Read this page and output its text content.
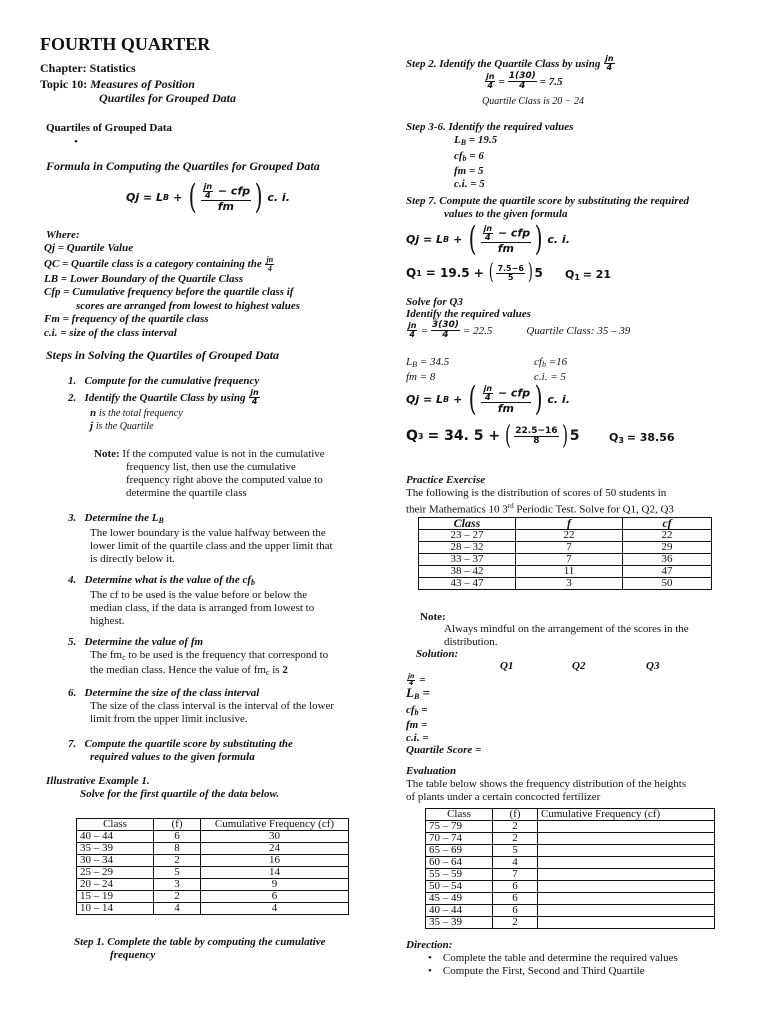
FOURTH QUARTER
Chapter: Statistics
Topic 10: Measures of Position
Quartiles for Grouped Data
Quartiles of Grouped Data
•
Formula in Computing the Quartiles for Grouped Data
Qj = L B + ( $\frac{\frac{jn}{4} - cfp}{fm}$ ) c. i.
Where:

Qj = Quartile Value

QC = Quartile class is a category containing the $\frac{jn}{4}$

LB = Lower Boundary of the Quartile Class

Cfp = Cumulative frequency before the quartile class if

scores are arranged from lowest to highest values

Fm = frequency of the quartile class

c.i. = size of the class interval

Steps in Solving the Quartiles of Grouped Data
1. Compute for the cumulative frequency
2.
Identify the Quartile Class by using
$\frac{jn}{4}$
n is the total frequency
j is the Quartile

Note: If the computed value is not in the cumulative

frequency list, then use the cumulative

frequency right above the computed value to

determine the quartile class

3. Determine the $L_B$

The lower boundary is the value halfway between the

lower limit of the quartile class and the upper limit that

is directly below it.

4. Determine what is the value of the $cf_b$

The cf to be used is the value before or below the

median class, if the data is arranged from lowest to

highest.

5. Determine the value of fm

The $fm_c$ to be used is the frequency that correspond to

the median class. Hence the value of $fm_c$ is 2

6. Determine the size of the class interval

The size of the class interval is the interval of the lower

limit from the upper limit inclusive.

7. Compute the quartile score by substituting the

required values to the given formula

Illustrative Example 1.
Solve for the first quartile of the data below.
Class	(f)	Cumulative Frequency (cf)
40 – 44	6	30
35 – 39	8	24
30 – 34	2	16
25 – 29	5	14
20 – 24	3	9
15 – 19	2	6
10 – 14	4	4

Step 1. Complete the table by computing the cumulative

frequency

Step 2. Identify the Quartile Class by using
$\frac{jn}{4}$
$\frac{jn}{4} = \frac{1(30)}{4} = 7.5$
Quartile Class is 20 − 24
Step 3-6. Identify the required values

$L_B = 19.5$

$cf_b = 6$

fm = 5

c.i. = 5

Step 7. Compute the quartile score by substituting the required

values to the given formula

Qj = L B + ( $\frac{\frac{jn}{4} - cfp}{fm}$ ) c. i.
Q 1 = 19.5 + ( $\frac{7.5-6}{5}$ ) 5 $Q_1 = 21$
Solve for Q3
Identify the required values
$\frac{jn}{4} = \frac{3(30)}{4} = 22.5$	Quartile Class: 35 – 39

$L_B = 34.5$

fm = 8

$cf_b =16$

c.i. = 5

Qj = L B + ( $\frac{\frac{jn}{4} - cfp}{fm}$ ) c. i.
Q 3 = 34. 5 + ( $\frac{22.5-16}{8}$ ) 5	$Q_3 = 38.56$
Practice Exercise

The following is the distribution of scores of 50 students in

their Mathematics 10 3rd Periodic Test. Solve for Q1, Q2, Q3

Class	f	cf
23 – 27	22	22
28 – 32	7	29
33 – 37	7	36
38 – 42	11	47
43 – 47	3	50
Note:

Always mindful on the arrangement of the scores in the

distribution.

Solution:
Q1	Q2	Q3

$\frac{jn}{4}$
=

$L_B$ =

$cf_b$ =

fm =

c.i. =

Quartile Score =

Evaluation

The table below shows the frequency distribution of the heights

of plants under a certain concocted fertilizer

Class	(f)	Cumulative Frequency (cf)
75 – 79	2	
70 – 74	2	
65 – 69	5	
60 – 64	4	
55 – 59	7	
50 – 54	6	
45 – 49	6	
40 – 44	6	
35 – 39	2	
Direction:

• Complete the table and determine the required values

• Compute the First, Second and Third Quartile
